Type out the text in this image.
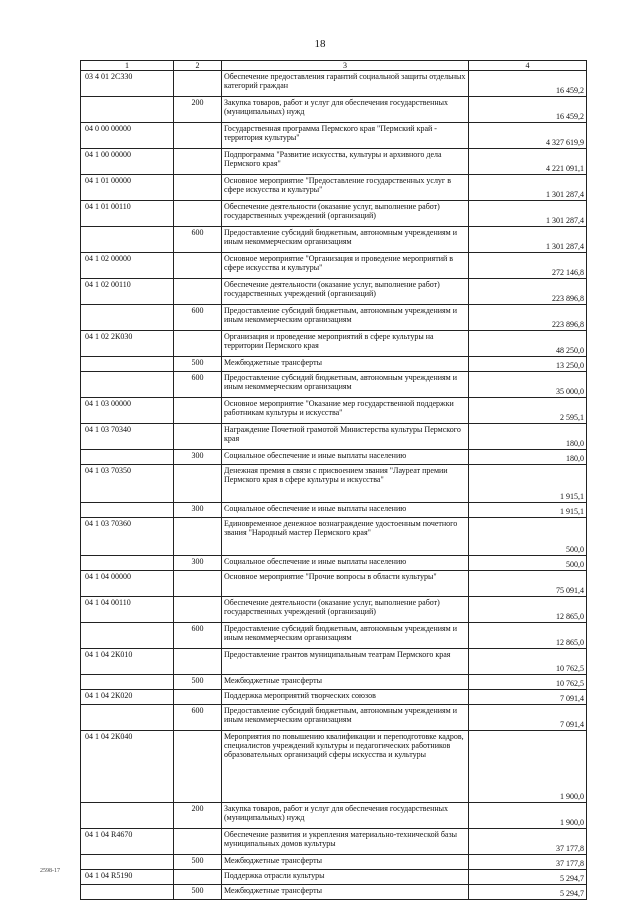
18
1	2	3	4
03 4 01 2С330		Обеспечение предоставления гарантий социальной защиты отдельных категорий граждан	16 459,2
	200	Закупка товаров, работ и услуг для обеспечения государственных (муниципальных) нужд	16 459,2
04 0 00 00000		Государственная программа Пермского края "Пермский край - территория культуры"	4 327 619,9
04 1 00 00000		Подпрограмма "Развитие искусства, культуры и архивного дела Пермского края"	4 221 091,1
04 1 01 00000		Основное мероприятие "Предоставление государственных услуг в сфере искусства и культуры"	1 301 287,4
04 1 01 00110		Обеспечение деятельности (оказание услуг, выполнение работ) государственных учреждений (организаций)	1 301 287,4
	600	Предоставление субсидий бюджетным, автономным учреждениям и иным некоммерческим организациям	1 301 287,4
04 1 02 00000		Основное мероприятие "Организация и проведение мероприятий в сфере искусства и культуры"	272 146,8
04 1 02 00110		Обеспечение деятельности (оказание услуг, выполнение работ) государственных учреждений (организаций)	223 896,8
	600	Предоставление субсидий бюджетным, автономным учреждениям и иным некоммерческим организациям	223 896,8
04 1 02 2К030		Организация и проведение мероприятий в сфере культуры на территории Пермского края	48 250,0
	500	Межбюджетные трансферты	13 250,0
	600	Предоставление субсидий бюджетным, автономным учреждениям и иным некоммерческим организациям	35 000,0
04 1 03 00000		Основное мероприятие "Оказание мер государственной поддержки работникам культуры и искусства"	2 595,1
04 1 03 70340		Награждение Почетной грамотой Министерства культуры Пермского края	180,0
	300	Социальное обеспечение и иные выплаты населению	180,0
04 1 03 70350		Денежная премия в связи с присвоением звания "Лауреат премии Пермского края в сфере культуры и искусства"	1 915,1
	300	Социальное обеспечение и иные выплаты населению	1 915,1
04 1 03 70360		Единовременное денежное вознаграждение удостоенным почетного звания "Народный мастер Пермского края"	500,0
	300	Социальное обеспечение и иные выплаты населению	500,0
04 1 04 00000		Основное мероприятие "Прочие вопросы в области культуры"	75 091,4
04 1 04 00110		Обеспечение деятельности (оказание услуг, выполнение работ) государственных учреждений (организаций)	12 865,0
	600	Предоставление субсидий бюджетным, автономным учреждениям и иным некоммерческим организациям	12 865,0
04 1 04 2К010		Предоставление грантов муниципальным театрам Пермского края	10 762,5
	500	Межбюджетные трансферты	10 762,5
04 1 04 2К020		Поддержка мероприятий творческих союзов	7 091,4
	600	Предоставление субсидий бюджетным, автономным учреждениям и иным некоммерческим организациям	7 091,4
04 1 04 2К040		Мероприятия по повышению квалификации и переподготовке кадров, специалистов учреждений культуры и педагогических работников образовательных организаций сферы искусства и культуры	1 900,0
	200	Закупка товаров, работ и услуг для обеспечения государственных (муниципальных) нужд	1 900,0
04 1 04 R4670		Обеспечение развития и укрепления материально-технической базы муниципальных домов культуры	37 177,8
	500	Межбюджетные трансферты	37 177,8
04 1 04 R5190		Поддержка отрасли культуры	5 294,7
	500	Межбюджетные трансферты	5 294,7
2598-17
